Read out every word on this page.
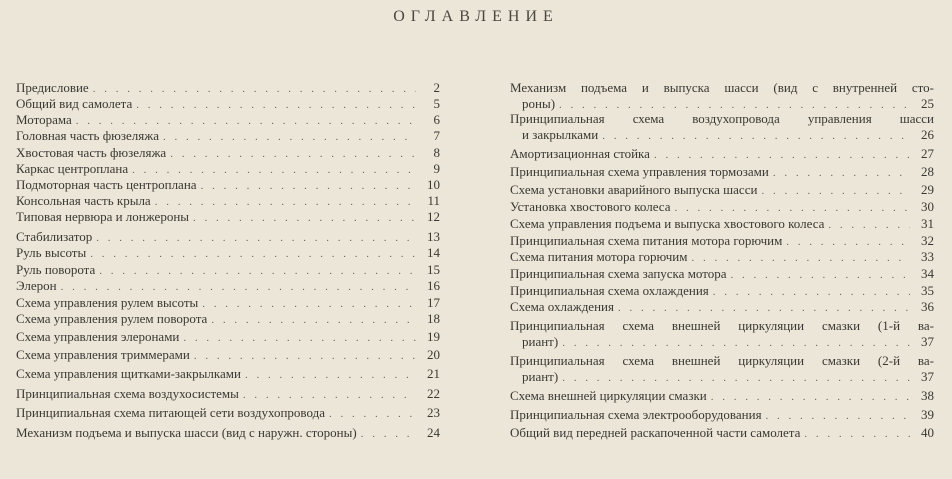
ОГЛАВЛЕНИЕ
Предисловие . . .	2
Общий вид самолета . . .	5
Моторама . . .	6
Головная часть фюзеляжа . . .	7
Хвостовая часть фюзеляжа . . .	8
Каркас центроплана . . .	9
Подмоторная часть центроплана . . .	10
Консольная часть крыла . . .	11
Типовая нервюра и лонжероны . . .	12
Стабилизатор . . .	13
Руль высоты . . .	14
Руль поворота . . .	15
Элерон . . .	16
Схема управления рулем высоты . . .	17
Схема управления рулем поворота . . .	18
Схема управления элеронами . . .	19
Схема управления триммерами . . .	20
Схема управления щитками-закрылками . . .	21
Принципиальная схема воздухосистемы . . .	22
Принципиальная схема питающей сети воздухопровода . . .	23
Механизм подъема и выпуска шасси (вид с наружн. стороны) . . .	24
Механизм подъема и выпуска шасси (вид с внутренней сто-
роны) . . .	25
Принципиальная схема воздухопровода управления шасси
и закрылками . . .	26
Амортизационная стойка . . .	27
Принципиальная схема управления тормозами . . .	28
Схема установки аварийного выпуска шасси . . .	29
Установка хвостового колеса . . .	30
Схема управления подъема и выпуска хвостового колеса . . .	31
Принципиальная схема питания мотора горючим . . .	32
Схема питания мотора горючим . . .	33
Принципиальная схема запуска мотора . . .	34
Принципиальная схема охлаждения . . .	35
Схема охлаждения . . .	36
Принципиальная схема внешней циркуляции смазки (1-й ва-
риант) . . .	37
Принципиальная схема внешней циркуляции смазки (2-й ва-
риант) . . .	37
Схема внешней циркуляции смазки . . .	38
Принципиальная схема электрооборудования . . .	39
Общий вид передней раскапоченной части самолета . . .	40
